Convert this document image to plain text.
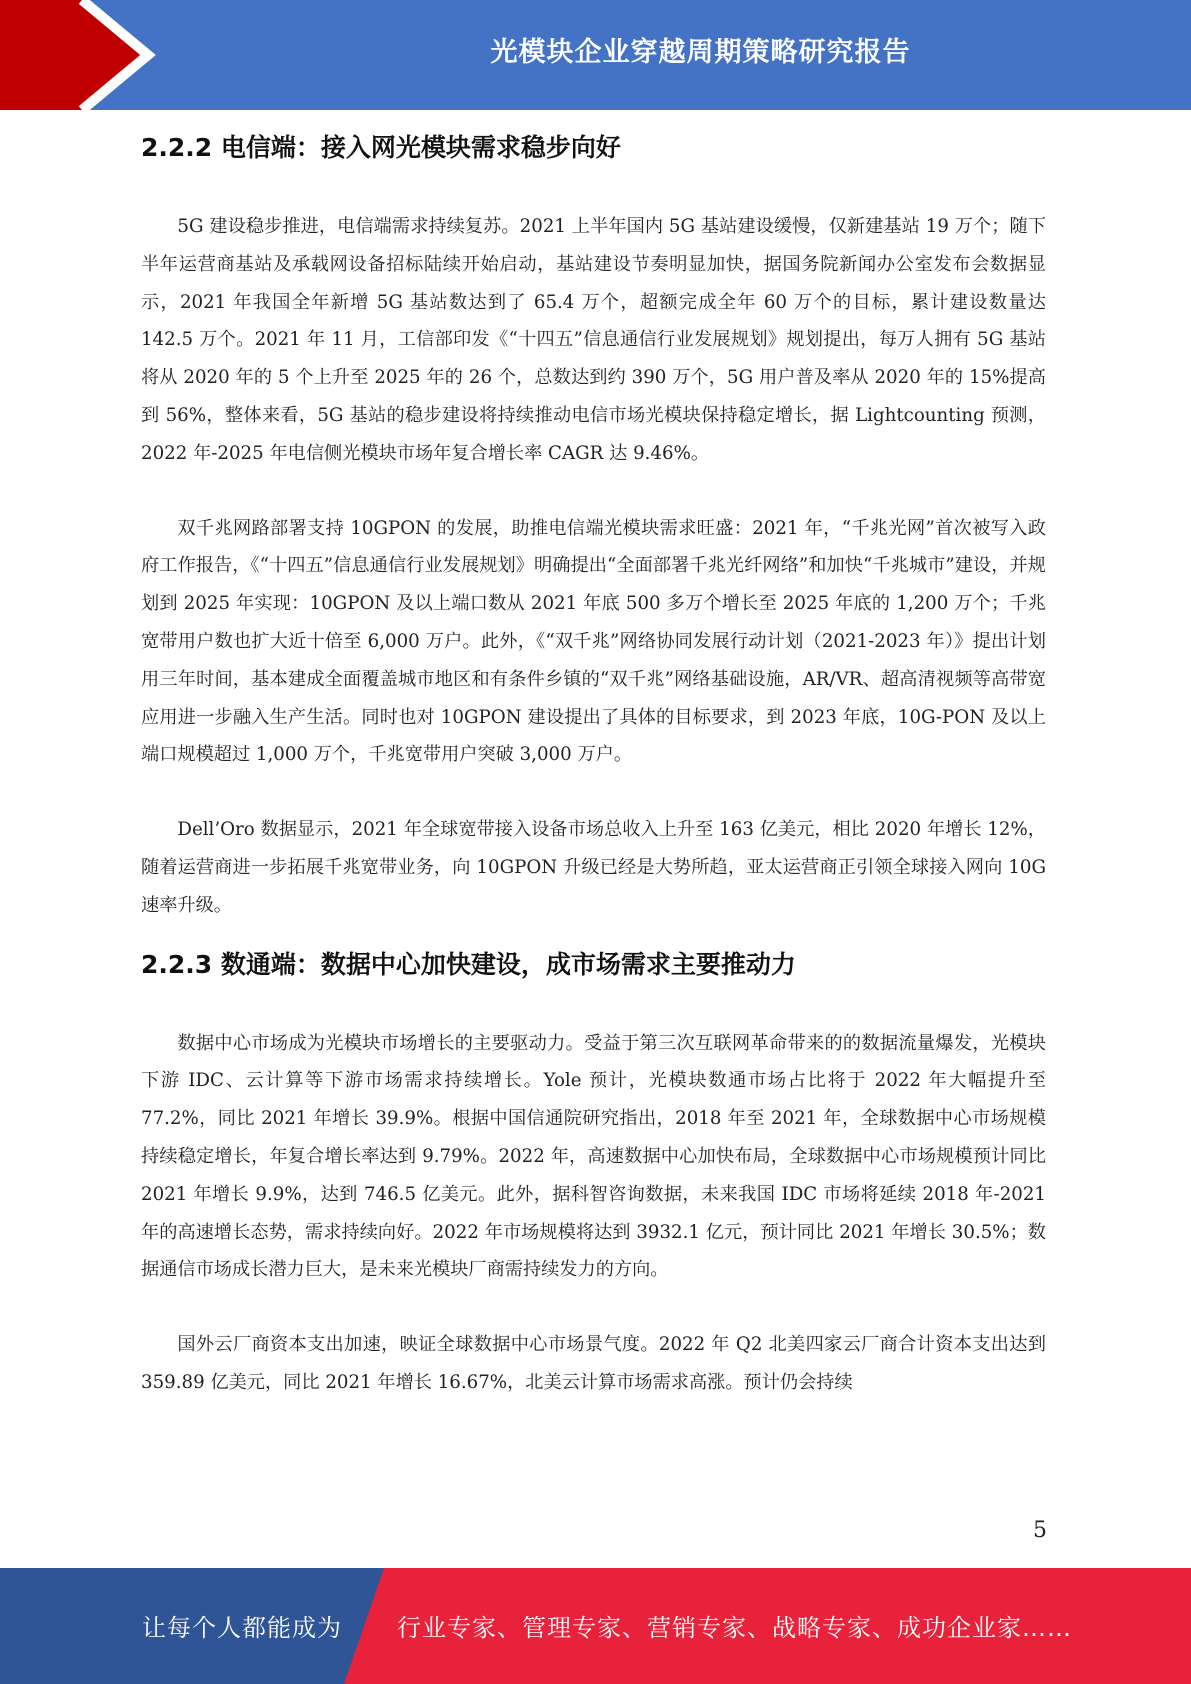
光模块企业穿越周期策略研究报告
2.2.2 电信端：接入网光模块需求稳步向好

5G 建设稳步推进，电信端需求持续复苏。2021 上半年国内 5G 基站建设缓慢，仅新建基站 19 万个；随下半年运营商基站及承载网设备招标陆续开始启动，基站建设节奏明显加快，据国务院新闻办公室发布会数据显示，2021 年我国全年新增 5G 基站数达到了 65.4 万个，超额完成全年 60 万个的目标，累计建设数量达 142.5 万个。2021 年 11 月，工信部印发《“十四五”信息通信行业发展规划》规划提出，每万人拥有 5G 基站将从 2020 年的 5 个上升至 2025 年的 26 个，总数达到约 390 万个，5G 用户普及率从 2020 年的 15%提高到 56%，整体来看，5G 基站的稳步建设将持续推动电信市场光模块保持稳定增长，据 Lightcounting 预测，2022 年-2025 年电信侧光模块市场年复合增长率 CAGR 达 9.46%。

双千兆网路部署支持 10GPON 的发展，助推电信端光模块需求旺盛：2021 年，“千兆光网”首次被写入政府工作报告，《“十四五”信息通信行业发展规划》明确提出“全面部署千兆光纤网络”和加快“千兆城市”建设，并规划到 2025 年实现：10GPON 及以上端口数从 2021 年底 500 多万个增长至 2025 年底的 1,200 万个；千兆宽带用户数也扩大近十倍至 6,000 万户。此外，《“双千兆”网络协同发展行动计划（2021-2023 年）》提出计划用三年时间，基本建成全面覆盖城市地区和有条件乡镇的“双千兆”网络基础设施，AR/VR、超高清视频等高带宽应用进一步融入生产生活。同时也对 10GPON 建设提出了具体的目标要求，到 2023 年底，10G-PON 及以上端口规模超过 1,000 万个，千兆宽带用户突破 3,000 万户。

Dell’Oro 数据显示，2021 年全球宽带接入设备市场总收入上升至 163 亿美元，相比 2020 年增长 12%，随着运营商进一步拓展千兆宽带业务，向 10GPON 升级已经是大势所趋，亚太运营商正引领全球接入网向 10G 速率升级。

2.2.3 数通端：数据中心加快建设，成市场需求主要推动力

数据中心市场成为光模块市场增长的主要驱动力。受益于第三次互联网革命带来的的数据流量爆发，光模块下游 IDC、云计算等下游市场需求持续增长。Yole 预计，光模块数通市场占比将于 2022 年大幅提升至 77.2%，同比 2021 年增长 39.9%。根据中国信通院研究指出，2018 年至 2021 年，全球数据中心市场规模持续稳定增长，年复合增长率达到 9.79%。2022 年，高速数据中心加快布局，全球数据中心市场规模预计同比 2021 年增长 9.9%，达到 746.5 亿美元。此外，据科智咨询数据，未来我国 IDC 市场将延续 2018 年-2021 年的高速增长态势，需求持续向好。2022 年市场规模将达到 3932.1 亿元，预计同比 2021 年增长 30.5%；数据通信市场成长潜力巨大，是未来光模块厂商需持续发力的方向。

国外云厂商资本支出加速，映证全球数据中心市场景气度。2022 年 Q2 北美四家云厂商合计资本支出达到 359.89 亿美元，同比 2021 年增长 16.67%，北美云计算市场需求高涨。预计仍会持续

5
让每个人都能成为 行业专家、管理专家、营销专家、战略专家、成功企业家……
